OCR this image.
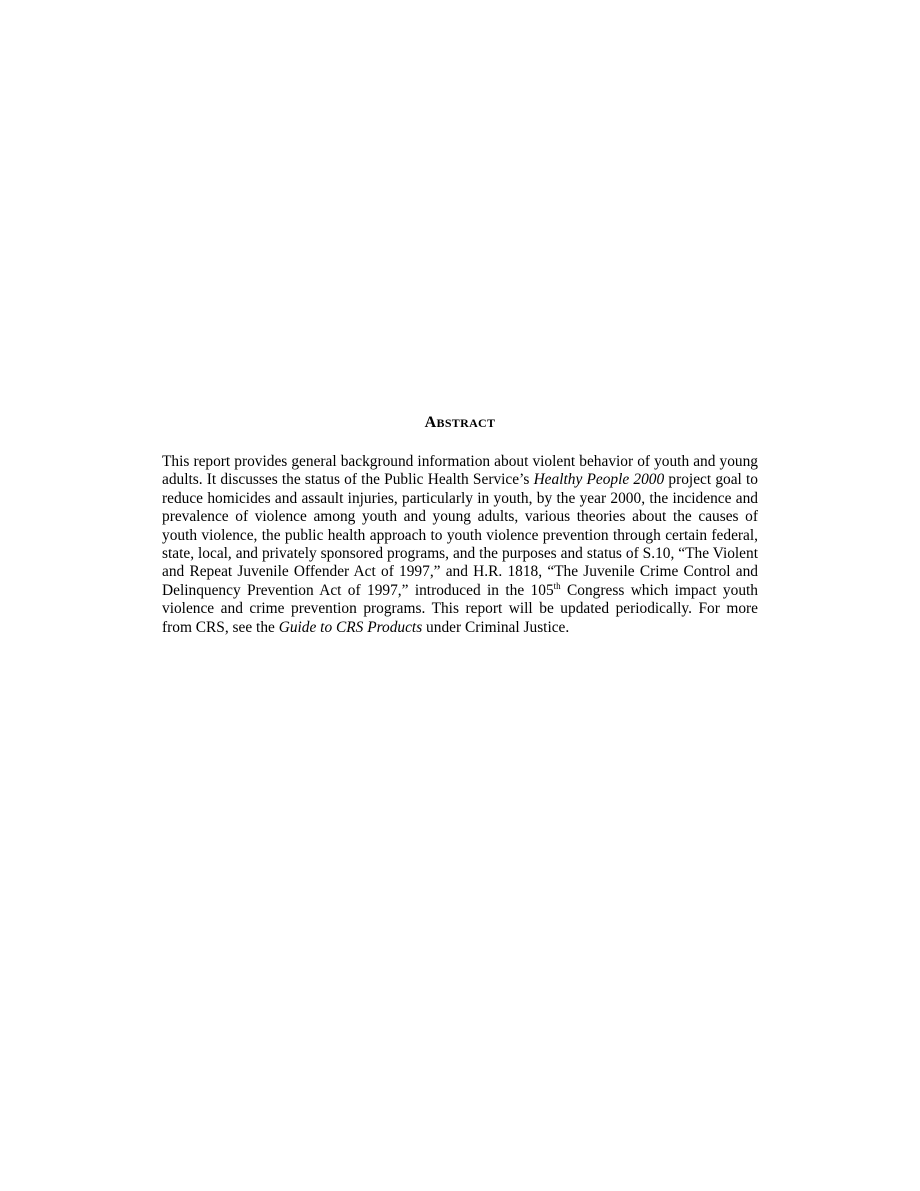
ABSTRACT

This report provides general background information about violent behavior of youth and young adults. It discusses the status of the Public Health Service’s Healthy People 2000 project goal to reduce homicides and assault injuries, particularly in youth, by the year 2000, the incidence and prevalence of violence among youth and young adults, various theories about the causes of youth violence, the public health approach to youth violence prevention through certain federal, state, local, and privately sponsored programs, and the purposes and status of S.10, “The Violent and Repeat Juvenile Offender Act of 1997,” and H.R. 1818, “The Juvenile Crime Control and Delinquency Prevention Act of 1997,” introduced in the 105th Congress which impact youth violence and crime prevention programs. This report will be updated periodically. For more from CRS, see the Guide to CRS Products under Criminal Justice.
